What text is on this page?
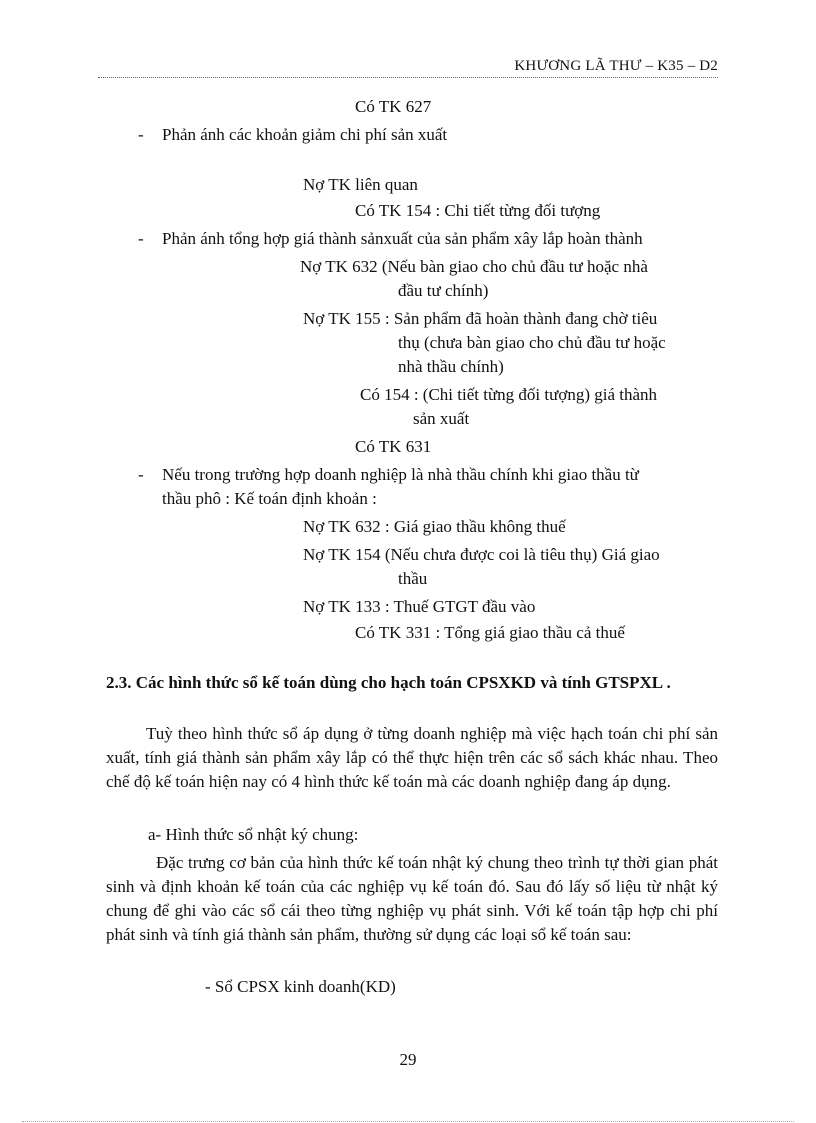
KHƯƠNG LÃ THƯ – K35 – D2
Có TK 627
- Phản ánh các khoản giảm chi phí sản xuất
Nợ TK liên quan
Có TK 154 : Chi tiết từng đối tượng
- Phản ánh tổng hợp giá thành sảnxuất của sản phẩm xây lắp hoàn thành
Nợ TK 632 (Nếu bàn giao cho chủ đầu tư hoặc nhà
đầu tư chính)
Nợ TK 155 : Sản phẩm đã hoàn thành đang chờ tiêu
thụ (chưa bàn giao cho chủ đầu tư hoặc
nhà thầu chính)
Có 154 : (Chi tiết từng đối tượng) giá thành
sản xuất
Có TK 631
- Nếu trong trường hợp doanh nghiệp là nhà thầu chính khi giao thầu từ
thầu phô : Kế toán định khoản :
Nợ TK 632 : Giá giao thầu không thuế
Nợ TK 154 (Nếu chưa được coi là tiêu thụ) Giá giao
thầu
Nợ TK 133 : Thuế GTGT đầu vào
Có TK 331 : Tổng giá giao thầu cả thuế
2.3. Các hình thức sổ kế toán dùng cho hạch toán CPSXKD và tính GTSPXL .
Tuỳ theo hình thức sổ áp dụng ở từng doanh nghiệp mà việc hạch toán chi phí sản xuất, tính giá thành sản phẩm xây lắp có thể thực hiện trên các sổ sách khác nhau. Theo chế độ kế toán hiện nay có 4 hình thức kế toán mà các doanh nghiệp đang áp dụng.
a- Hình thức sổ nhật ký chung:
Đặc trưng cơ bản của hình thức kế toán nhật ký chung theo trình tự thời gian phát sinh và định khoản kế toán của các nghiệp vụ kế toán đó. Sau đó lấy số liệu từ nhật ký chung để ghi vào các sổ cái theo từng nghiệp vụ phát sinh. Với kế toán tập hợp chi phí phát sinh và tính giá thành sản phẩm, thường sử dụng các loại sổ kế toán sau:
- Sổ CPSX kinh doanh(KD)
29
